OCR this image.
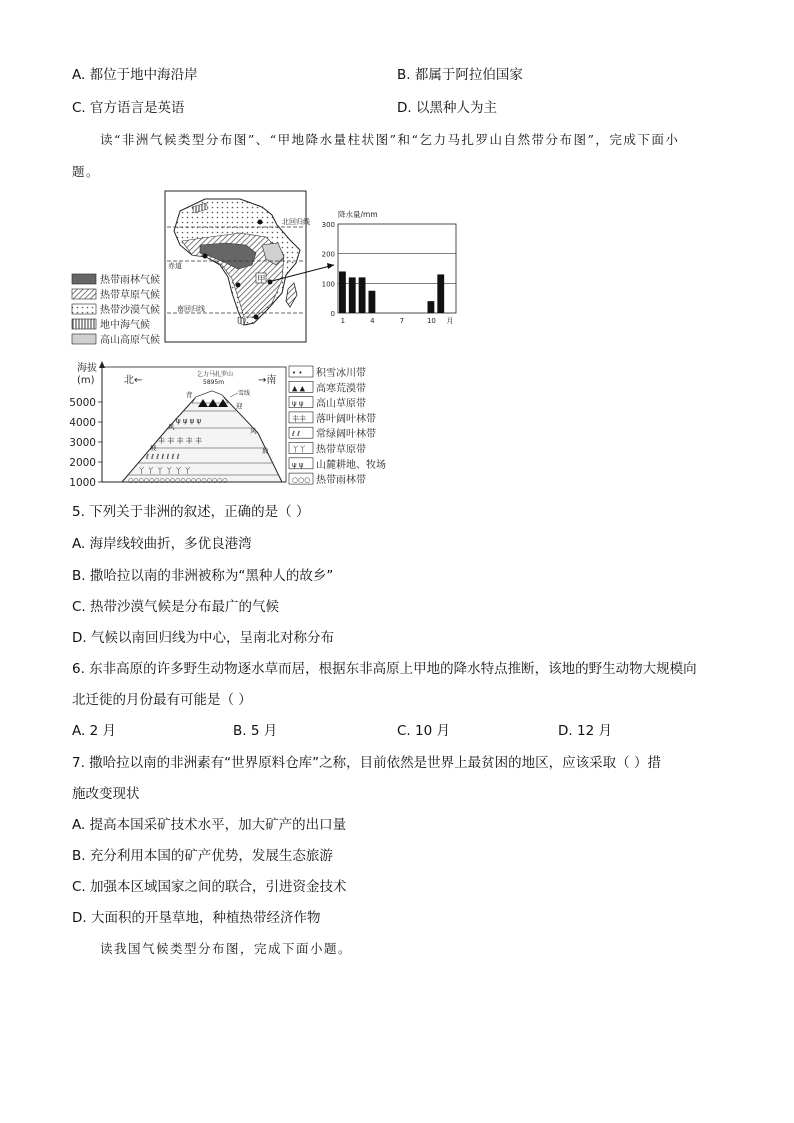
A. 都位于地中海沿岸	B. 都属于阿拉伯国家
C. 官方语言是英语	D. 以黑种人为主
读“非洲气候类型分布图”、“甲地降水量柱状图”和“乞力马扎罗山自然带分布图”，完成下面小
题。
北回归线
赤道
南回归线
甲
热带雨林气候
热带草原气候
热带沙漠气候
地中海气候
高山高原气候
降水量/mm
0
100
200
300
1	4	7	10 月
海拔
(m)
5000
4000
3000
2000
1000
北←	→南
乞力马扎罗山
5895m
ψ ψ ψ ψ
丰 丰 丰 丰 丰
ℓ ℓ ℓ ℓ ℓ ℓ ℓ
丫 丫 丫 丫 丫 丫
○○○○○○○○○○○○○○○○○○○
雪线
背
风
坡
迎
风
坡
• • 积雪冰川带
▲ ▲ 高寒荒漠带
ψ ψ 高山草原带
丰丰 落叶阔叶林带
ℓ ℓ 常绿阔叶林带
丫丫 热带草原带
ψ ψ 山麓耕地、牧场
○○○ 热带雨林带
5. 下列关于非洲的叙述，正确的是（ ）
A. 海岸线较曲折，多优良港湾
B. 撒哈拉以南的非洲被称为“黑种人的故乡”
C. 热带沙漠气候是分布最广的气候
D. 气候以南回归线为中心，呈南北对称分布
6. 东非高原的许多野生动物逐水草而居，根据东非高原上甲地的降水特点推断，该地的野生动物大规模向
北迁徙的月份最有可能是（ ）
A. 2 月	B. 5 月	C. 10 月	D. 12 月
7. 撒哈拉以南的非洲素有“世界原料仓库”之称，目前依然是世界上最贫困的地区，应该采取（ ）措
施改变现状
A. 提高本国采矿技术水平，加大矿产的出口量
B. 充分利用本国的矿产优势，发展生态旅游
C. 加强本区域国家之间的联合，引进资金技术
D. 大面积的开垦草地，种植热带经济作物
读我国气候类型分布图，完成下面小题。
